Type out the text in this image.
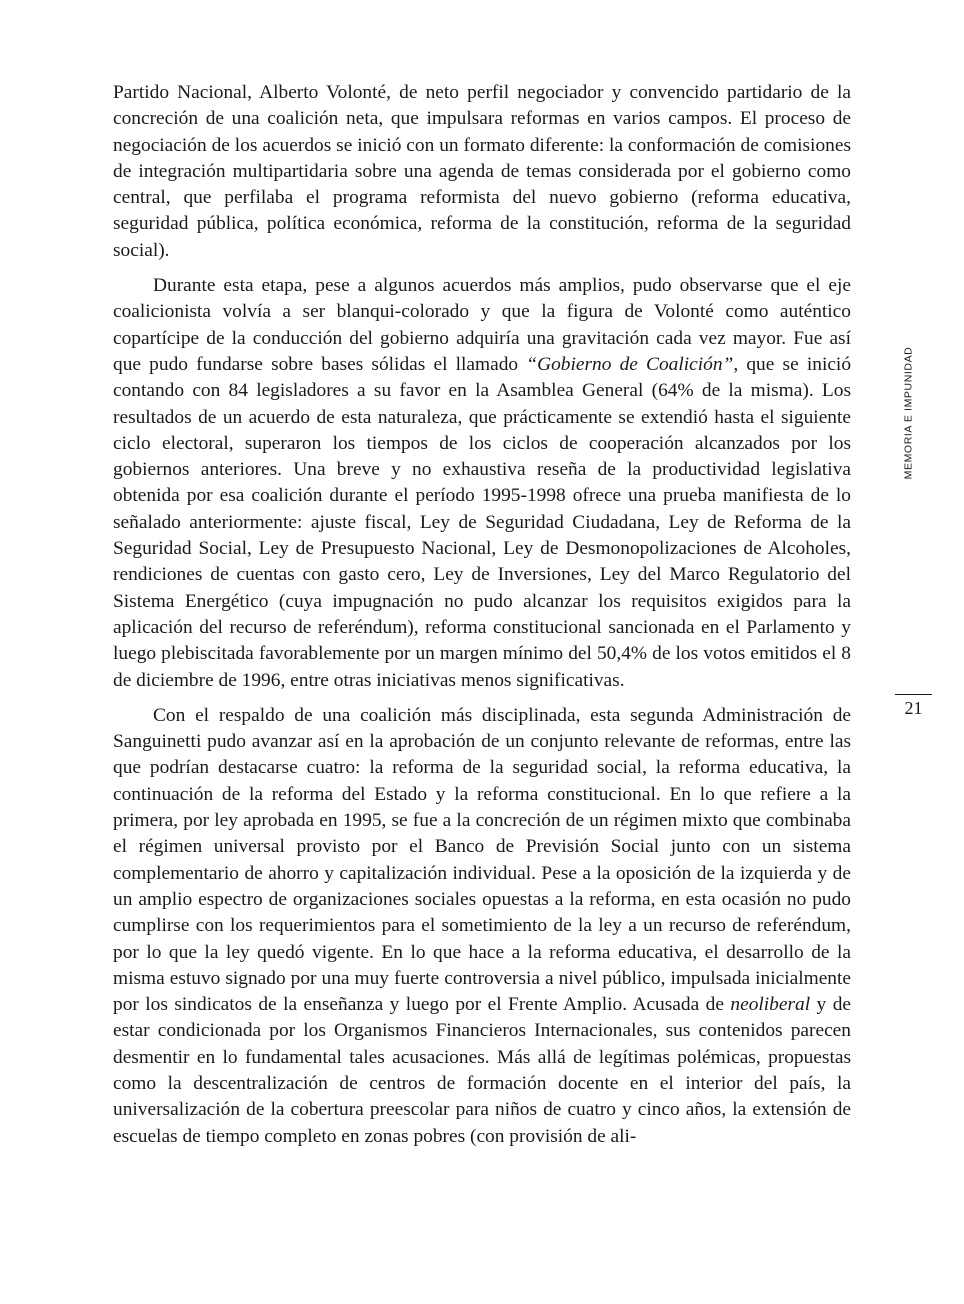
Partido Nacional, Alberto Volonté, de neto perfil negociador y convencido partidario de la concreción de una coalición neta, que impulsara reformas en varios campos. El proceso de negociación de los acuerdos se inició con un formato diferente: la conformación de comisiones de integración multipartidaria sobre una agenda de temas considerada por el gobierno como central, que perfilaba el programa reformista del nuevo gobierno (reforma educativa, seguridad pública, política económica, reforma de la constitución, reforma de la seguridad social).

Durante esta etapa, pese a algunos acuerdos más amplios, pudo observarse que el eje coalicionista volvía a ser blanqui-colorado y que la figura de Volonté como auténtico copartícipe de la conducción del gobierno adquiría una gravitación cada vez mayor. Fue así que pudo fundarse sobre bases sólidas el llamado “Gobierno de Coalición”, que se inició contando con 84 legisladores a su favor en la Asamblea General (64% de la misma). Los resultados de un acuerdo de esta naturaleza, que prácticamente se extendió hasta el siguiente ciclo electoral, superaron los tiempos de los ciclos de cooperación alcanzados por los gobiernos anteriores. Una breve y no exhaustiva reseña de la productividad legislativa obtenida por esa coalición durante el período 1995-1998 ofrece una prueba manifiesta de lo señalado anteriormente: ajuste fiscal, Ley de Seguridad Ciudadana, Ley de Reforma de la Seguridad Social, Ley de Presupuesto Nacional, Ley de Desmonopolizaciones de Alcoholes, rendiciones de cuentas con gasto cero, Ley de Inversiones, Ley del Marco Regulatorio del Sistema Energético (cuya impugnación no pudo alcanzar los requisitos exigidos para la aplicación del recurso de referéndum), reforma constitucional sancionada en el Parlamento y luego plebiscitada favorablemente por un margen mínimo del 50,4% de los votos emitidos el 8 de diciembre de 1996, entre otras iniciativas menos significativas.

Con el respaldo de una coalición más disciplinada, esta segunda Administración de Sanguinetti pudo avanzar así en la aprobación de un conjunto relevante de reformas, entre las que podrían destacarse cuatro: la reforma de la seguridad social, la reforma educativa, la continuación de la reforma del Estado y la reforma constitucional. En lo que refiere a la primera, por ley aprobada en 1995, se fue a la concreción de un régimen mixto que combinaba el régimen universal provisto por el Banco de Previsión Social junto con un sistema complementario de ahorro y capitalización individual. Pese a la oposición de la izquierda y de un amplio espectro de organizaciones sociales opuestas a la reforma, en esta ocasión no pudo cumplirse con los requerimientos para el sometimiento de la ley a un recurso de referéndum, por lo que la ley quedó vigente. En lo que hace a la reforma educativa, el desarrollo de la misma estuvo signado por una muy fuerte controversia a nivel público, impulsada inicialmente por los sindicatos de la enseñanza y luego por el Frente Amplio. Acusada de neoliberal y de estar condicionada por los Organismos Financieros Internacionales, sus contenidos parecen desmentir en lo fundamental tales acusaciones. Más allá de legítimas polémicas, propuestas como la descentralización de centros de formación docente en el interior del país, la universalización de la cobertura preescolar para niños de cuatro y cinco años, la extensión de escuelas de tiempo completo en zonas pobres (con provisión de ali-

MEMORIA E IMPUNIDAD
21
